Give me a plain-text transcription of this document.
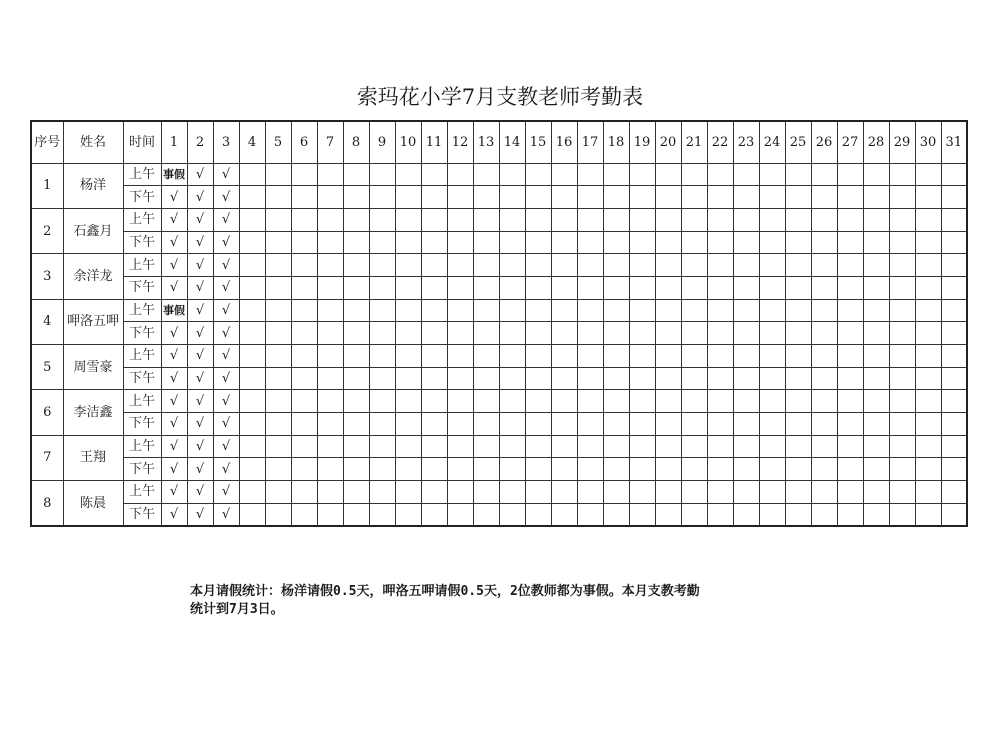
索玛花小学7月支教老师考勤表
序号	姓名	时间	1	2	3	4	5	6	7	8	9	10	11	12	13	14	15	16	17	18	19	20	21	22	23	24	25	26	27	28	29	30	31
1	杨洋	上午	事假	√	√																												
		下午	√	√	√																												
2	石鑫月	上午	√	√	√																												
		下午	√	√	√																												
3	余洋龙	上午	√	√	√																												
		下午	√	√	√																												
4	呷洛五呷	上午	事假	√	√																												
		下午	√	√	√																												
5	周雪豪	上午	√	√	√																												
		下午	√	√	√																												
6	李洁鑫	上午	√	√	√																												
		下午	√	√	√																												
7	王翔	上午	√	√	√																												
		下午	√	√	√																												
8	陈晨	上午	√	√	√																												
		下午	√	√	√																												
本月请假统计：杨洋请假0.5天，呷洛五呷请假0.5天，2位教师都为事假。本月支教考勤
统计到7月3日。
